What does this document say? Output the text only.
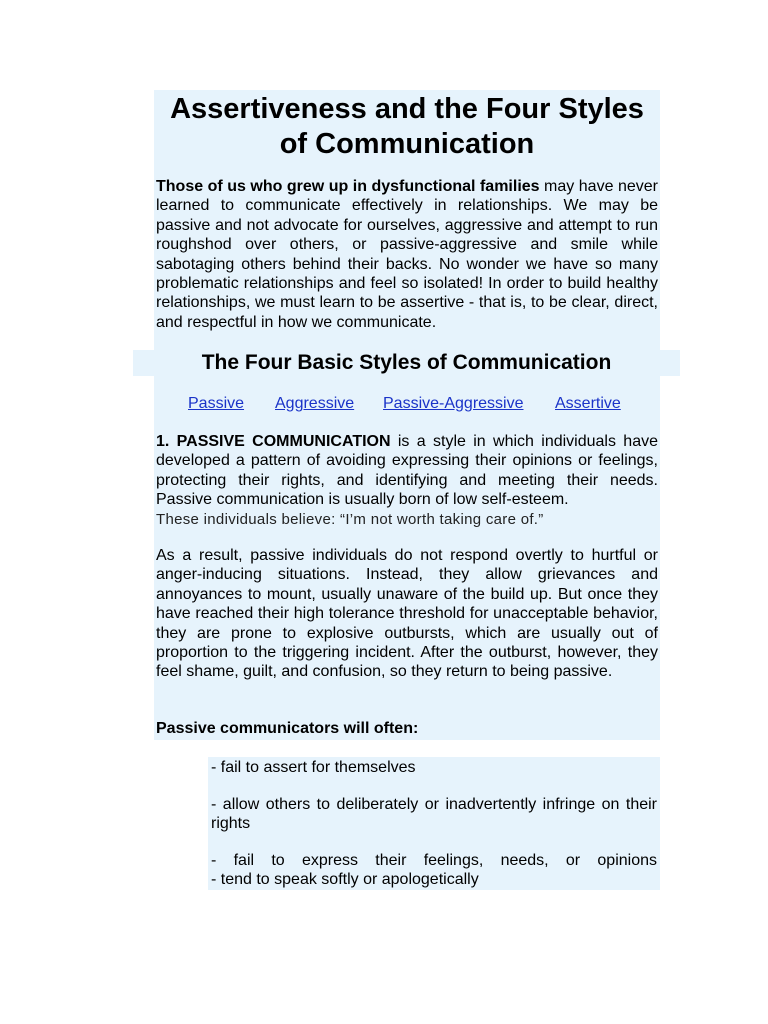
Assertiveness and the Four Styles
of Communication

Those of us who grew up in dysfunctional families may have never learned to communicate effectively in relationships. We may be passive and not advocate for ourselves, aggressive and attempt to run roughshod over others, or passive-aggressive and smile while sabotaging others behind their backs. No wonder we have so many problematic relationships and feel so isolated! In order to build healthy relationships, we must learn to be assertive - that is, to be clear, direct, and respectful in how we communicate.

The Four Basic Styles of Communication
Passive Aggressive Passive-Aggressive Assertive

1. PASSIVE COMMUNICATION is a style in which individuals have developed a pattern of avoiding expressing their opinions or feelings, protecting their rights, and identifying and meeting their needs. Passive communication is usually born of low self-esteem.
These individuals believe: “I’m not worth taking care of.”

As a result, passive individuals do not respond overtly to hurtful or anger-inducing situations. Instead, they allow grievances and annoyances to mount, usually unaware of the build up. But once they have reached their high tolerance threshold for unacceptable behavior, they are prone to explosive outbursts, which are usually out of proportion to the triggering incident. After the outburst, however, they feel shame, guilt, and confusion, so they return to being passive.

Passive communicators will often:

- fail to assert for themselves

- allow others to deliberately or inadvertently infringe on their rights

- fail to express their feelings, needs, or opinions

- tend to speak softly or apologetically
